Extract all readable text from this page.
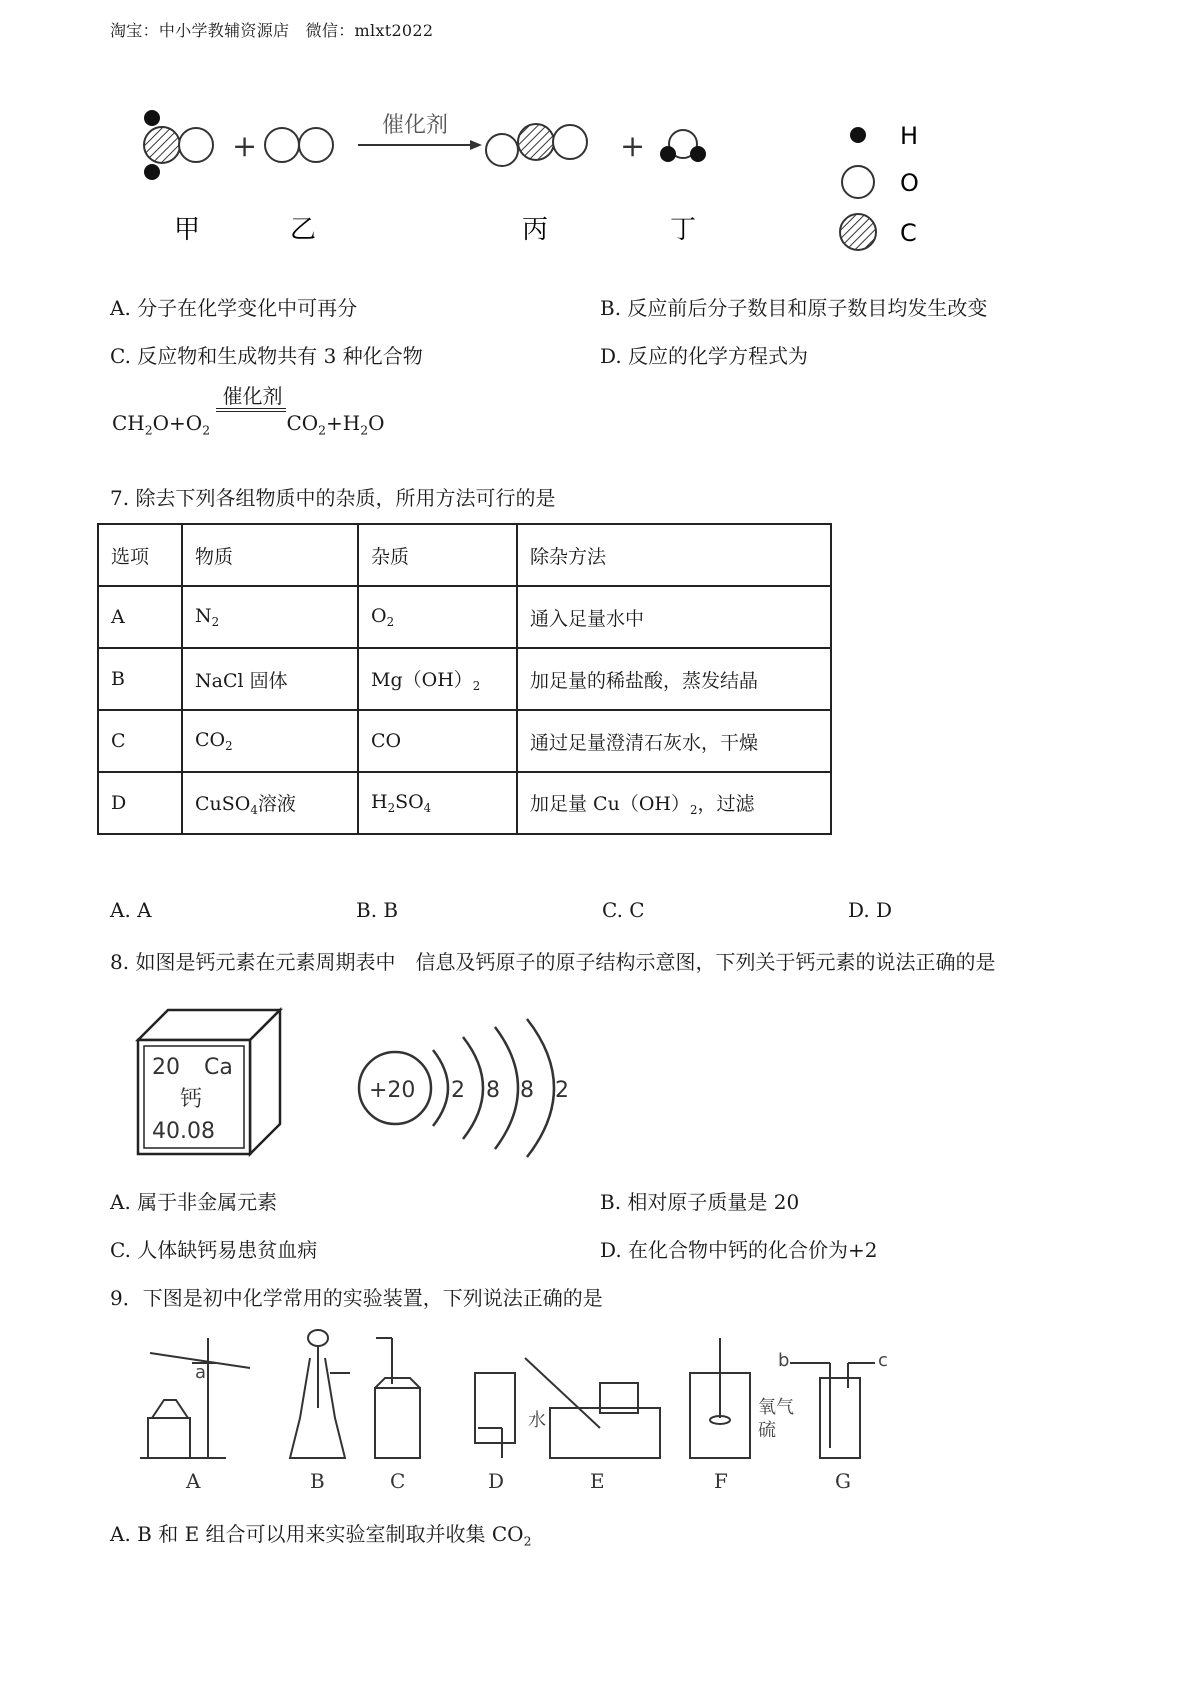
淘宝：中小学教辅资源店　微信：mlxt2022
+
催化剂
+
甲	乙	丙	丁
H
O
C
A. 分子在化学变化中可再分	B. 反应前后分子数目和原子数目均发生改变
C. 反应物和生成物共有 3 种化合物	D. 反应的化学方程式为
$CH_2O+O_2$
催化剂
$CO_2+H_2O$
7. 除去下列各组物质中的杂质，所用方法可行的是
选项	物质	杂质	除杂方法
A	$N_2$	$O_2$	通入足量水中
B	NaCl 固体	$Mg(OH)_2$	加足量的稀盐酸，蒸发结晶
C	$CO_2$	CO	通过足量澄清石灰水，干燥
D	CuSO$_4$溶液	$H_2SO_4$	加足量 $Cu(OH)_2$，过滤
A. A	B. B	C. C	D. D
8. 如图是钙元素在元素周期表中　信息及钙原子的原子结构示意图，下列关于钙元素的说法正确的是
20 Ca
钙
40.08
+20 2 8 8 2
A. 属于非金属元素	B. 相对原子质量是 20
C. 人体缺钙易患贫血病	D. 在化合物中钙的化合价为+2
9．下图是初中化学常用的实验装置，下列说法正确的是
a
水
氧气
硫
b	c
A	B	C	D	E	F	G
A. B 和 E 组合可以用来实验室制取并收集 $CO_2$
